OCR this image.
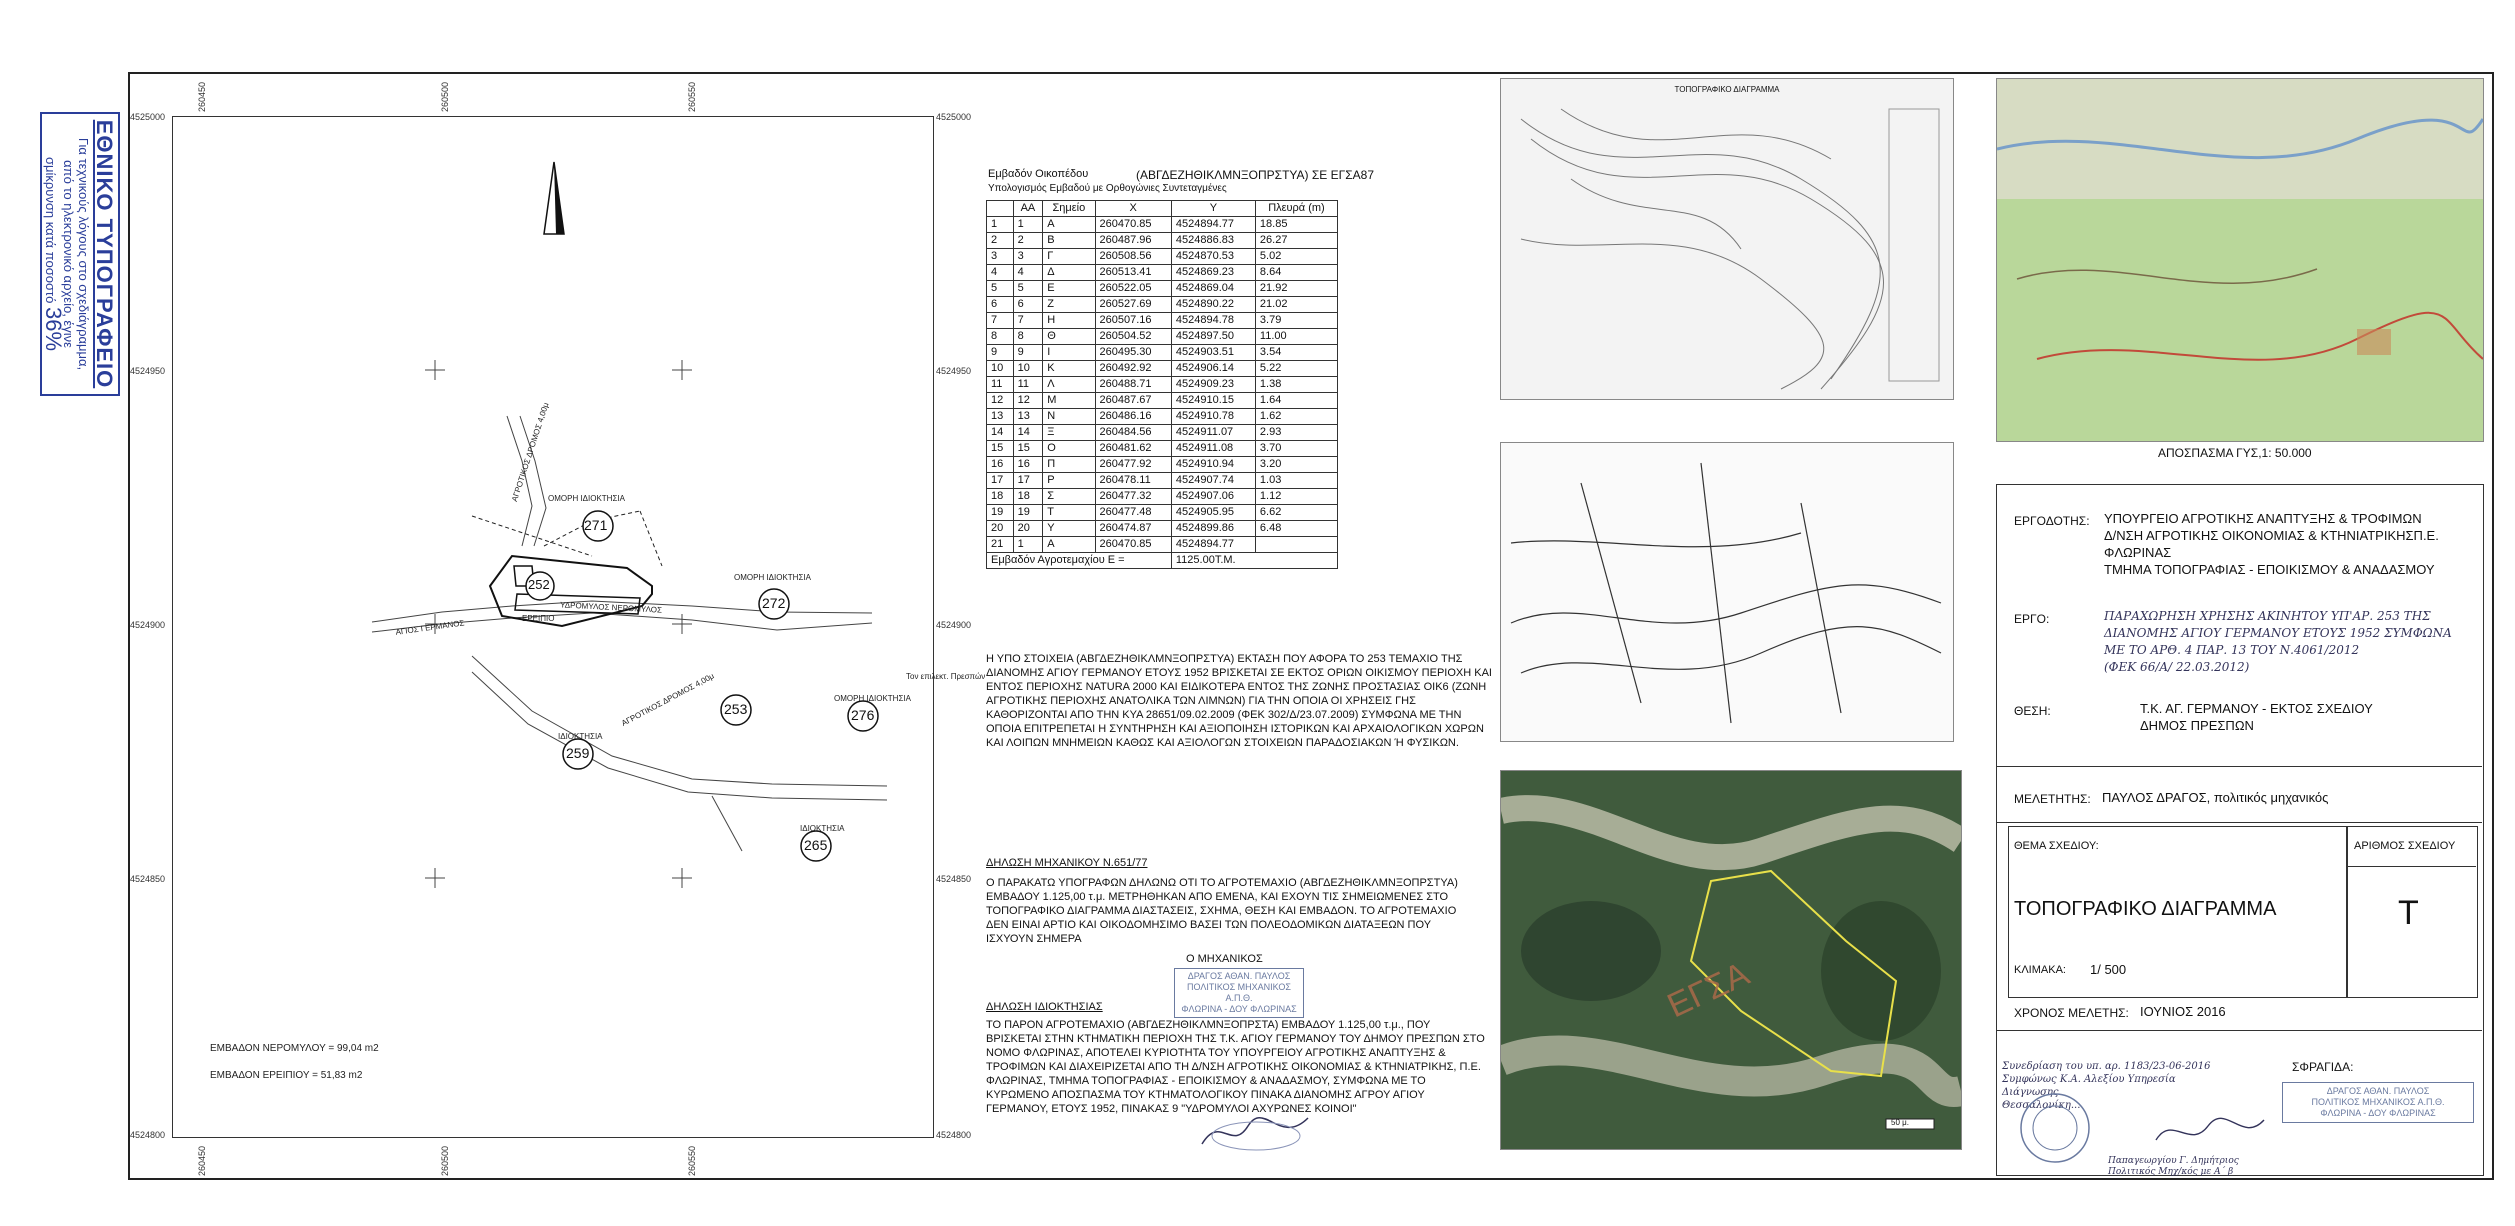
ΕΘΝΙΚΟ ΤΥΠΟΓΡΑΦΕΙΟ
Για τεχνικούς λόγους στο σχεδιάγραμμα,
από το ηλεκτρονικό αρχείο, έγινε
σμίκρυνση κατά ποσοστό 36%
260450	260500	260550
260450	260500	260550
4525000
4524950
4524900
4524850
4524800
4525000
4524950
4524900
4524850
4524800
271
252
272
253	276
259
265
ΟΜΟΡΗ ΙΔΙΟΚΤΗΣΙΑ
ΟΜΟΡΗ ΙΔΙΟΚΤΗΣΙΑ
ΟΜΟΡΗ ΙΔΙΟΚΤΗΣΙΑ
ΙΔΙΟΚΤΗΣΙΑ
ΙΔΙΟΚΤΗΣΙΑ
ΑΓΡΟΤΙΚΟΣ ΔΡΟΜΟΣ 4,00μ
ΑΓΡΟΤΙΚΟΣ ΔΡΟΜΟΣ 4,00μ
ΑΓΙΟΣ ΓΕΡΜΑΝΟΣ	ΕΡΕΙΠΙΟ
ΥΔΡΟΜΥΛΟΣ ΝΕΡΟΜΥΛΟΣ
Τον επιλεκτ. Πρεσπών
ΕΜΒΑΔΟΝ ΝΕΡΟΜΥΛΟΥ = 99,04 m2
ΕΜΒΑΔΟΝ ΕΡΕΙΠΙΟΥ = 51,83 m2
Εμβαδόν Οικοπέδου	(ΑΒΓΔΕΖΗΘΙΚΛΜΝΞΟΠΡΣΤΥΑ) ΣΕ ΕΓΣΑ87
Υπολογισμός Εμβαδού με Ορθογώνιες Συντεταγμένες
	ΑΑ	Σημείο	X	Y	Πλευρά (m)
1	1	Α	260470.85	4524894.77	18.85
2	2	Β	260487.96	4524886.83	26.27
3	3	Γ	260508.56	4524870.53	5.02
4	4	Δ	260513.41	4524869.23	8.64
5	5	Ε	260522.05	4524869.04	21.92
6	6	Ζ	260527.69	4524890.22	21.02
7	7	Η	260507.16	4524894.78	3.79
8	8	Θ	260504.52	4524897.50	11.00
9	9	Ι	260495.30	4524903.51	3.54
10	10	Κ	260492.92	4524906.14	5.22
11	11	Λ	260488.71	4524909.23	1.38
12	12	Μ	260487.67	4524910.15	1.64
13	13	Ν	260486.16	4524910.78	1.62
14	14	Ξ	260484.56	4524911.07	2.93
15	15	Ο	260481.62	4524911.08	3.70
16	16	Π	260477.92	4524910.94	3.20
17	17	Ρ	260478.11	4524907.74	1.03
18	18	Σ	260477.32	4524907.06	1.12
19	19	Τ	260477.48	4524905.95	6.62
20	20	Υ	260474.87	4524899.86	6.48
21	1	Α	260470.85	4524894.77	
Εμβαδόν Αγροτεμαχίου Ε =				1125.00Τ.Μ.	
Η ΥΠΟ ΣΤΟΙΧΕΙΑ (ΑΒΓΔΕΖΗΘΙΚΛΜΝΞΟΠΡΣΤΥΑ) ΕΚΤΑΣΗ ΠΟΥ ΑΦΟΡΑ ΤΟ 253 ΤΕΜΑΧΙΟ ΤΗΣ ΔΙΑΝΟΜΗΣ ΑΓΙΟΥ ΓΕΡΜΑΝΟΥ ΕΤΟΥΣ 1952 ΒΡΙΣΚΕΤΑΙ ΣΕ ΕΚΤΟΣ ΟΡΙΩΝ ΟΙΚΙΣΜΟΥ ΠΕΡΙΟΧΗ ΚΑΙ ΕΝΤΟΣ ΠΕΡΙΟΧΗΣ NATURA 2000 ΚΑΙ ΕΙΔΙΚΟΤΕΡΑ ΕΝΤΟΣ ΤΗΣ ΖΩΝΗΣ ΠΡΟΣΤΑΣΙΑΣ ΟΙΚ6 (ΖΩΝΗ ΑΓΡΟΤΙΚΗΣ ΠΕΡΙΟΧΗΣ ΑΝΑΤΟΛΙΚΑ ΤΩΝ ΛΙΜΝΩΝ) ΓΙΑ ΤΗΝ ΟΠΟΙΑ ΟΙ ΧΡΗΣΕΙΣ ΓΗΣ ΚΑΘΟΡΙΖΟΝΤΑΙ ΑΠΟ ΤΗΝ ΚΥΑ 28651/09.02.2009 (ΦΕΚ 302/Δ/23.07.2009) ΣΥΜΦΩΝΑ ΜΕ ΤΗΝ ΟΠΟΙΑ ΕΠΙΤΡΕΠΕΤΑΙ Η ΣΥΝΤΗΡΗΣΗ ΚΑΙ ΑΞΙΟΠΟΙΗΣΗ ΙΣΤΟΡΙΚΩΝ ΚΑΙ ΑΡΧΑΙΟΛΟΓΙΚΩΝ ΧΩΡΩΝ ΚΑΙ ΛΟΙΠΩΝ ΜΝΗΜΕΙΩΝ ΚΑΘΩΣ ΚΑΙ ΑΞΙΟΛΟΓΩΝ ΣΤΟΙΧΕΙΩΝ ΠΑΡΑΔΟΣΙΑΚΩΝ Ή ΦΥΣΙΚΩΝ.
ΔΗΛΩΣΗ ΜΗΧΑΝΙΚΟΥ Ν.651/77
Ο ΠΑΡΑΚΑΤΩ ΥΠΟΓΡΑΦΩΝ ΔΗΛΩΝΩ ΟΤΙ ΤΟ ΑΓΡΟΤΕΜΑΧΙΟ (ΑΒΓΔΕΖΗΘΙΚΛΜΝΞΟΠΡΣΤΥΑ) ΕΜΒΑΔΟΥ 1.125,00 τ.μ. ΜΕΤΡΗΘΗΚΑΝ ΑΠΟ ΕΜΕΝΑ, ΚΑΙ ΕΧΟΥΝ ΤΙΣ ΣΗΜΕΙΩΜΕΝΕΣ ΣΤΟ ΤΟΠΟΓΡΑΦΙΚΟ ΔΙΑΓΡΑΜΜΑ ΔΙΑΣΤΑΣΕΙΣ, ΣΧΗΜΑ, ΘΕΣΗ ΚΑΙ ΕΜΒΑΔΟΝ. ΤΟ ΑΓΡΟΤΕΜΑΧΙΟ ΔΕΝ ΕΙΝΑΙ ΑΡΤΙΟ ΚΑΙ ΟΙΚΟΔΟΜΗΣΙΜΟ ΒΑΣΕΙ ΤΩΝ ΠΟΛΕΟΔΟΜΙΚΩΝ ΔΙΑΤΑΞΕΩΝ ΠΟΥ ΙΣΧΥΟΥΝ ΣΗΜΕΡΑ
Ο ΜΗΧΑΝΙΚΟΣ
ΔΡΑΓΟΣ ΑΘΑΝ. ΠΑΥΛΟΣ
ΠΟΛΙΤΙΚΟΣ ΜΗΧΑΝΙΚΟΣ Α.Π.Θ.
ΦΛΩΡΙΝΑ - ΔΟΥ ΦΛΩΡΙΝΑΣ
ΔΗΛΩΣΗ ΙΔΙΟΚΤΗΣΙΑΣ
ΤΟ ΠΑΡΟΝ ΑΓΡΟΤΕΜΑΧΙΟ (ΑΒΓΔΕΖΗΘΙΚΛΜΝΞΟΠΡΣΤΑ) ΕΜΒΑΔΟΥ 1.125,00 τ.μ., ΠΟΥ ΒΡΙΣΚΕΤΑΙ ΣΤΗΝ ΚΤΗΜΑΤΙΚΗ ΠΕΡΙΟΧΗ ΤΗΣ Τ.Κ. ΑΓΙΟΥ ΓΕΡΜΑΝΟΥ ΤΟΥ ΔΗΜΟΥ ΠΡΕΣΠΩΝ ΣΤΟ ΝΟΜΟ ΦΛΩΡΙΝΑΣ, ΑΠΟΤΕΛΕΙ ΚΥΡΙΟΤΗΤΑ ΤΟΥ ΥΠΟΥΡΓΕΙΟΥ ΑΓΡΟΤΙΚΗΣ ΑΝΑΠΤΥΞΗΣ & ΤΡΟΦΙΜΩΝ ΚΑΙ ΔΙΑΧΕΙΡΙΖΕΤΑΙ ΑΠΟ ΤΗ Δ/ΝΣΗ ΑΓΡΟΤΙΚΗΣ ΟΙΚΟΝΟΜΙΑΣ & ΚΤΗΝΙΑΤΡΙΚΗΣ, Π.Ε. ΦΛΩΡΙΝΑΣ, ΤΜΗΜΑ ΤΟΠΟΓΡΑΦΙΑΣ - ΕΠΟΙΚΙΣΜΟΥ & ΑΝΑΔΑΣΜΟΥ, ΣΥΜΦΩΝΑ ΜΕ ΤΟ ΚΥΡΩΜΕΝΟ ΑΠΟΣΠΑΣΜΑ ΤΟΥ ΚΤΗΜΑΤΟΛΟΓΙΚΟΥ ΠΙΝΑΚΑ ΔΙΑΝΟΜΗΣ ΑΓΡΟΥ ΑΓΙΟΥ ΓΕΡΜΑΝΟΥ, ΕΤΟΥΣ 1952, ΠΙΝΑΚΑΣ 9 "ΥΔΡΟΜΥΛΟΙ ΑΧΥΡΩΝΕΣ ΚΟΙΝΟΙ"
ΤΟΠΟΓΡΑΦΙΚΟ ΔΙΑΓΡΑΜΜΑ
ΕΓΣΑ
50 μ.
ΑΠΟΣΠΑΣΜΑ ΓΥΣ,1: 50.000
ΕΡΓΟΔΟΤΗΣ: ΥΠΟΥΡΓΕΙΟ ΑΓΡΟΤΙΚΗΣ ΑΝΑΠΤΥΞΗΣ & ΤΡΟΦΙΜΩΝ
Δ/ΝΣΗ ΑΓΡΟΤΙΚΗΣ ΟΙΚΟΝΟΜΙΑΣ & ΚΤΗΝΙΑΤΡΙΚΗΣΠ.Ε.
ΦΛΩΡΙΝΑΣ
ΤΜΗΜΑ ΤΟΠΟΓΡΑΦΙΑΣ - ΕΠΟΙΚΙΣΜΟΥ & ΑΝΑΔΑΣΜΟΥ
ΕΡΓΟ:	ΠΑΡΑΧΩΡΗΣΗ ΧΡΗΣΗΣ ΑΚΙΝΗΤΟΥ ΥΠ'ΑΡ. 253 ΤΗΣ
ΔΙΑΝΟΜΗΣ ΑΓΙΟΥ ΓΕΡΜΑΝΟΥ ΕΤΟΥΣ 1952 ΣΥΜΦΩΝΑ
ΜΕ ΤΟ ΑΡΘ. 4 ΠΑΡ. 13 ΤΟΥ Ν.4061/2012
(ΦΕΚ 66/Α/ 22.03.2012)
ΘΕΣΗ:	Τ.Κ. ΑΓ. ΓΕΡΜΑΝΟΥ - ΕΚΤΟΣ ΣΧΕΔΙΟΥ
ΔΗΜΟΣ ΠΡΕΣΠΩΝ
ΜΕΛΕΤΗΤΗΣ: ΠΑΥΛΟΣ ΔΡΑΓΟΣ, πολιτικός μηχανικός
ΘΕΜΑ ΣΧΕΔΙΟΥ:
ΤΟΠΟΓΡΑΦΙΚΟ ΔΙΑΓΡΑΜΜΑ
ΑΡΙΘΜΟΣ ΣΧΕΔΙΟΥ
Τ
ΚΛΙΜΑΚΑ: 1/ 500
ΧΡΟΝΟΣ ΜΕΛΕΤΗΣ: ΙΟΥΝΙΟΣ 2016
ΣΦΡΑΓΙΔΑ:
Συνεδρίαση του υπ. αρ. 1183/23-06-2016
Συμφώνως Κ.Α. Αλεξίου Υπηρεσία Διάγνωσης
Θεσσαλονίκη...
Παπαγεωργίου Γ. Δημήτριος
Πολιτικός Μηχ/κός με Α΄ β
ΔΡΑΓΟΣ ΑΘΑΝ. ΠΑΥΛΟΣ
ΠΟΛΙΤΙΚΟΣ ΜΗΧΑΝΙΚΟΣ Α.Π.Θ.
ΦΛΩΡΙΝΑ - ΔΟΥ ΦΛΩΡΙΝΑΣ
